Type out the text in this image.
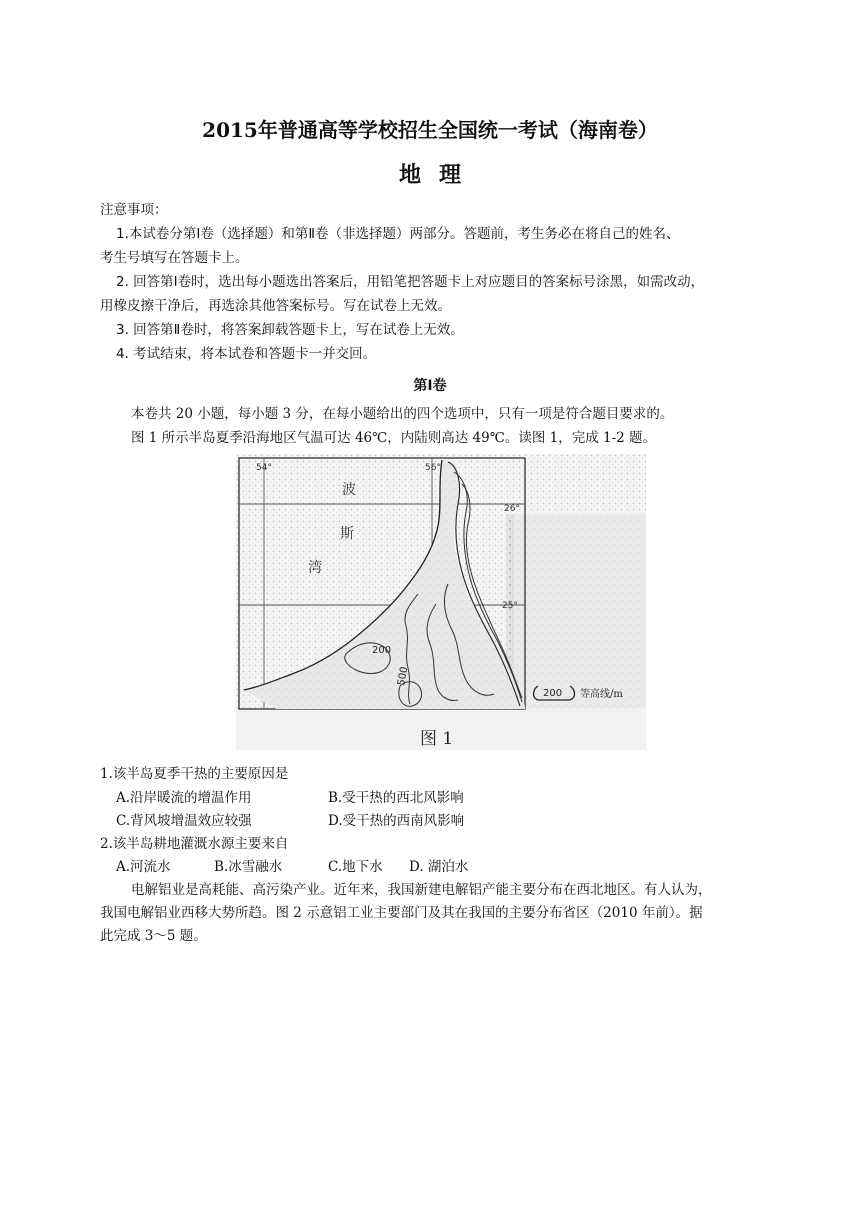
2015年普通高等学校招生全国统一考试（海南卷）
地理
注意事项：
1.本试卷分第Ⅰ卷（选择题）和第Ⅱ卷（非选择题）两部分。答题前，考生务必在将自己的姓名、
考生号填写在答题卡上。
2. 回答第Ⅰ卷时，选出每小题选出答案后，用铅笔把答题卡上对应题目的答案标号涂黑，如需改动，
用橡皮擦干净后，再选涂其他答案标号。写在试卷上无效。
3. 回答第Ⅱ卷时，将答案卸载答题卡上，写在试卷上无效。
4. 考试结束，将本试卷和答题卡一并交回。
第Ⅰ卷
本卷共 20 小题，每小题 3 分，在每小题给出的四个选项中，只有一项是符合题目要求的。
图 1 所示半岛夏季沿海地区气温可达 46℃，内陆则高达 49℃。读图 1，完成 1-2 题。
54°	56°
26°
25°
波
斯
湾
200
500
200 等高线/m
图 1
1.该半岛夏季干热的主要原因是
A.沿岸暖流的增温作用	B.受干热的西北风影响
C.背风坡增温效应较强	D.受干热的西南风影响
2.该半岛耕地灌溉水源主要来自
A.河流水	B.冰雪融水	C.地下水 D. 湖泊水
电解铝业是高耗能、高污染产业。近年来，我国新建电解铝产能主要分布在西北地区。有人认为，
我国电解铝业西移大势所趋。图 2 示意铝工业主要部门及其在我国的主要分布省区（2010 年前）。据
此完成 3～5 题。
